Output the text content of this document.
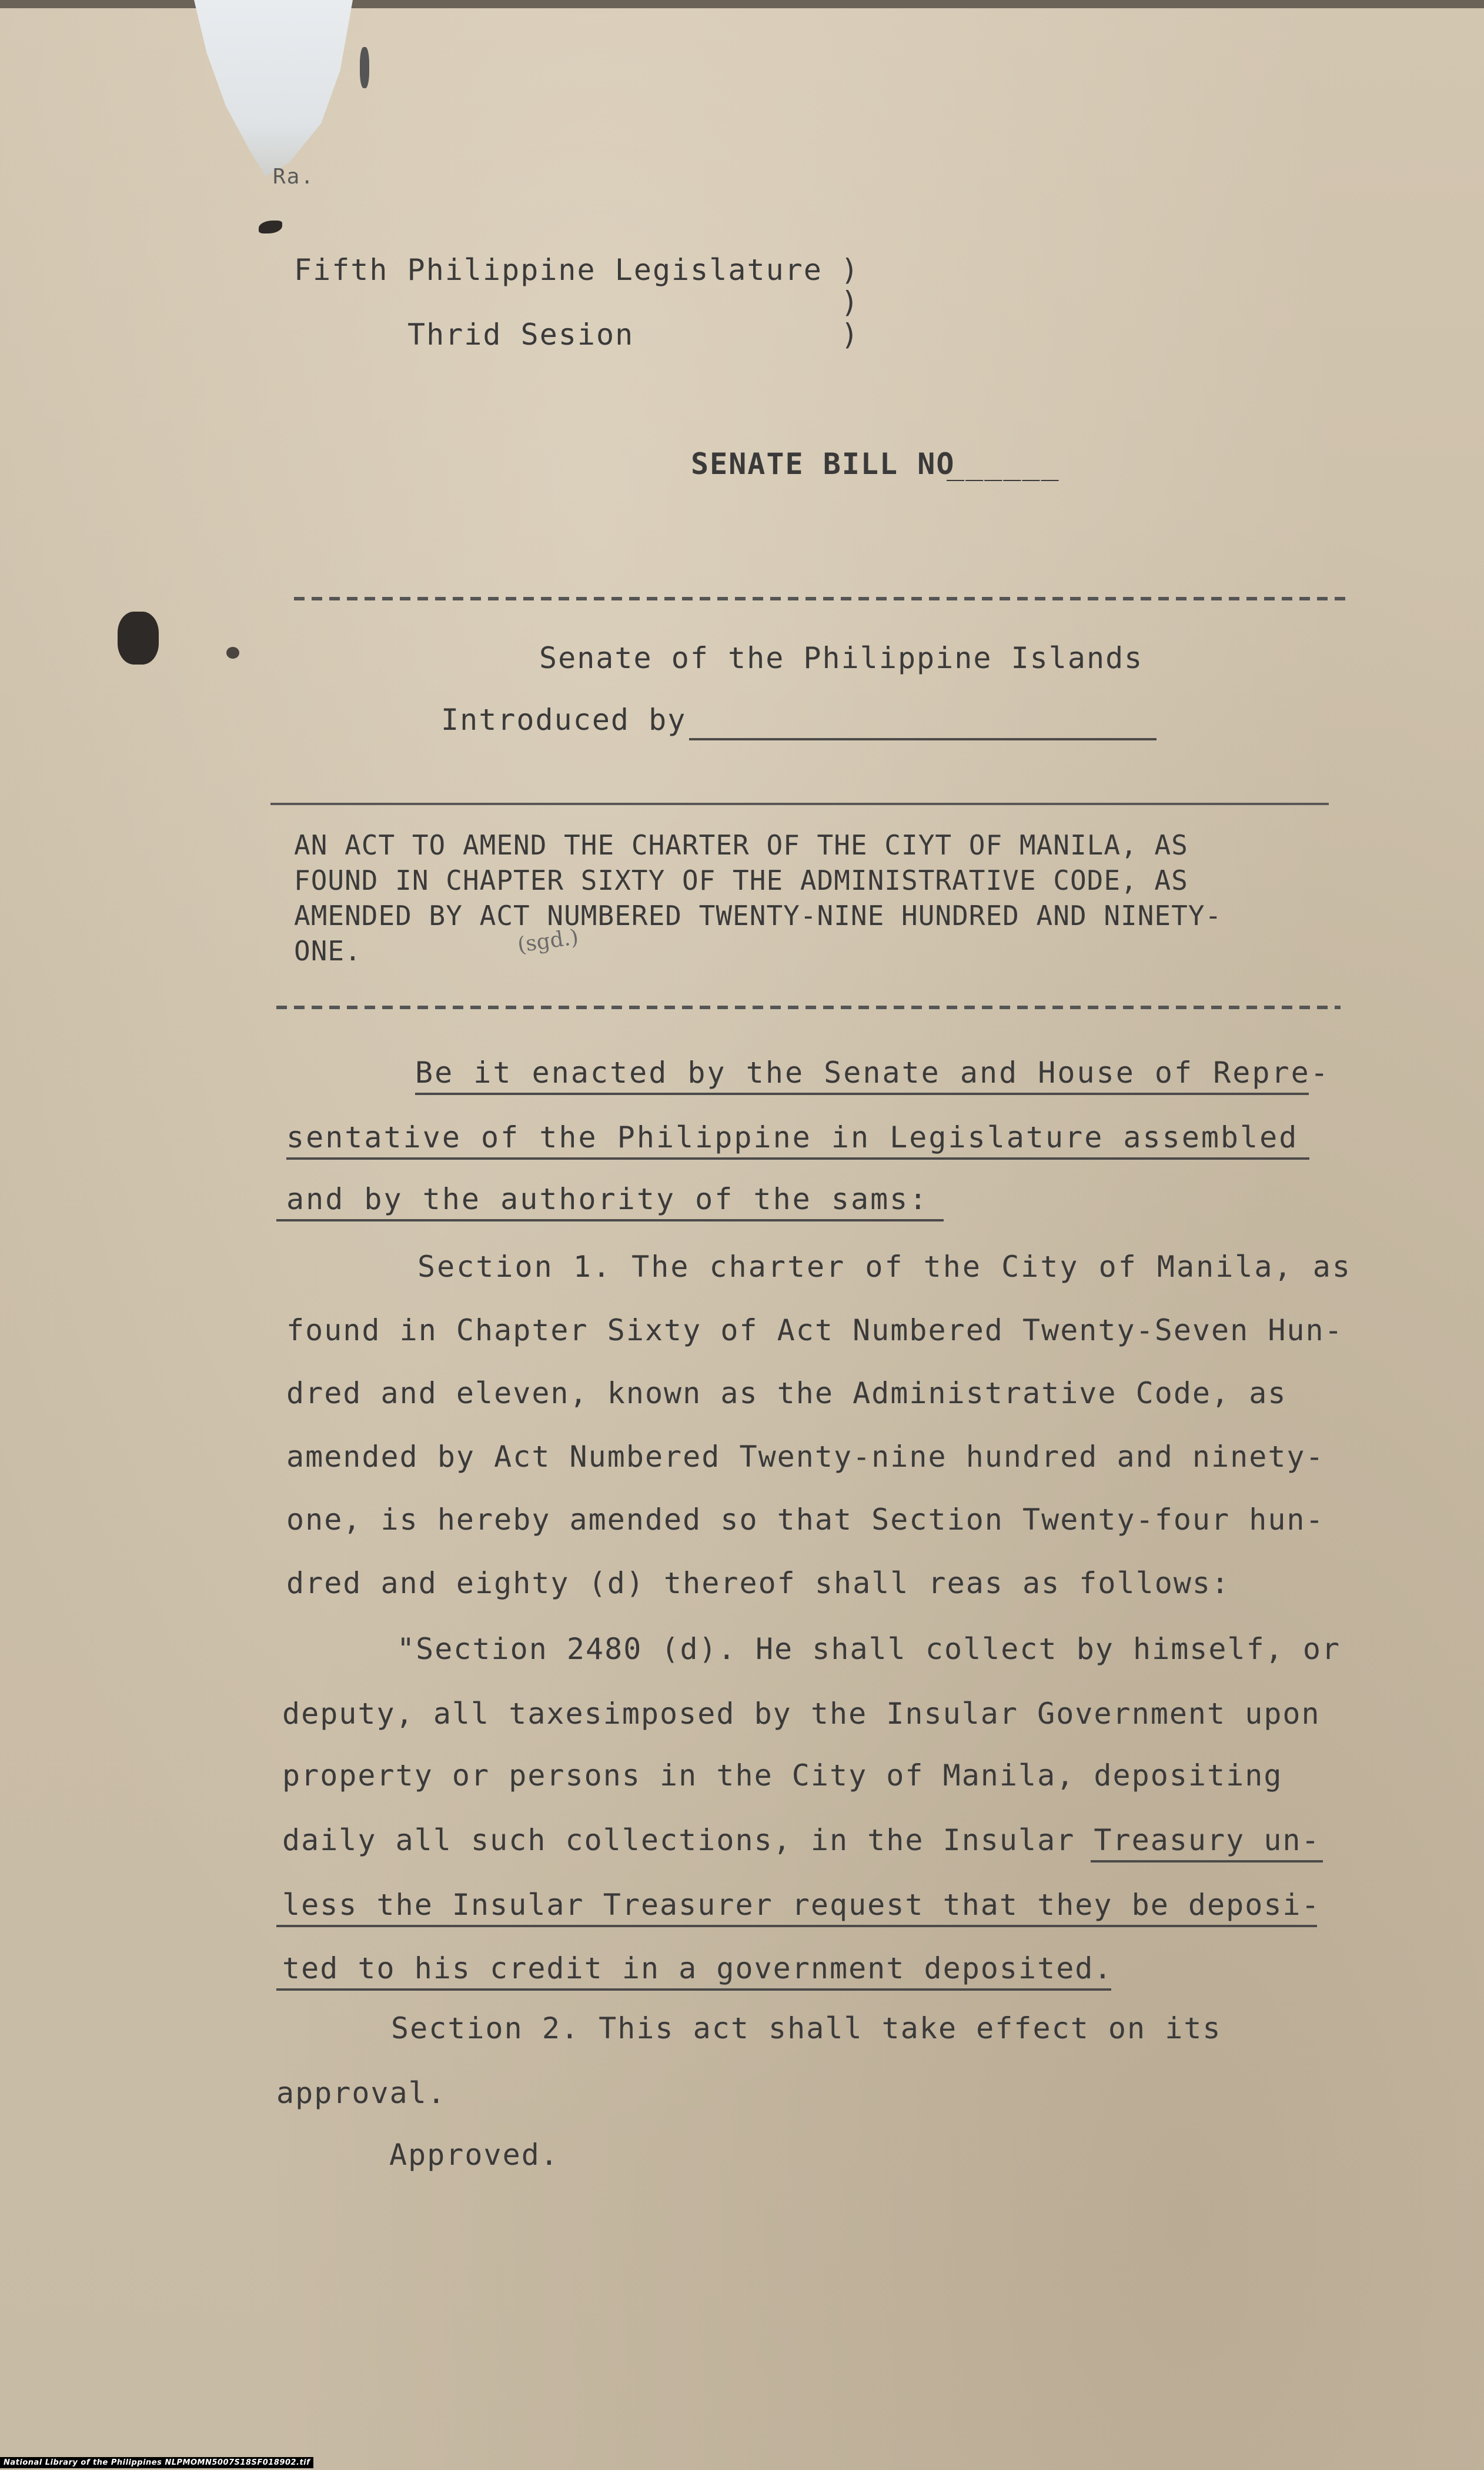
Ra.
Fifth Philippine Legislature )
)
)
Thrid Sesion
SENATE BILL NO
______
Senate of the Philippine Islands
Introduced by
AN ACT TO AMEND THE CHARTER OF THE CIYT OF MANILA, AS
FOUND IN CHAPTER SIXTY OF THE ADMINISTRATIVE CODE, AS
AMENDED BY ACT NUMBERED TWENTY-NINE HUNDRED AND NINETY-
ONE.	(sgd.)
Be it enacted by the Senate and House of Repre-
sentative of the Philippine in Legislature assembled
and by the authority of the sams:
Section 1. The charter of the City of Manila, as
found in Chapter Sixty of Act Numbered Twenty-Seven Hun-
dred and eleven, known as the Administrative Code, as
amended by Act Numbered Twenty-nine hundred and ninety-
one, is hereby amended so that Section Twenty-four hun-
dred and eighty (d) thereof shall reas as follows:
"Section 2480 (d). He shall collect by himself, or
deputy, all taxesimposed by the Insular Government upon
property or persons in the City of Manila, depositing
daily all such collections, in the Insular Treasury un-
less the Insular Treasurer request that they be deposi-
ted to his credit in a government deposited.
Section 2. This act shall take effect on its
approval.
Approved.
National Library of the Philippines NLPMOMN5007S18SF018902.tif
